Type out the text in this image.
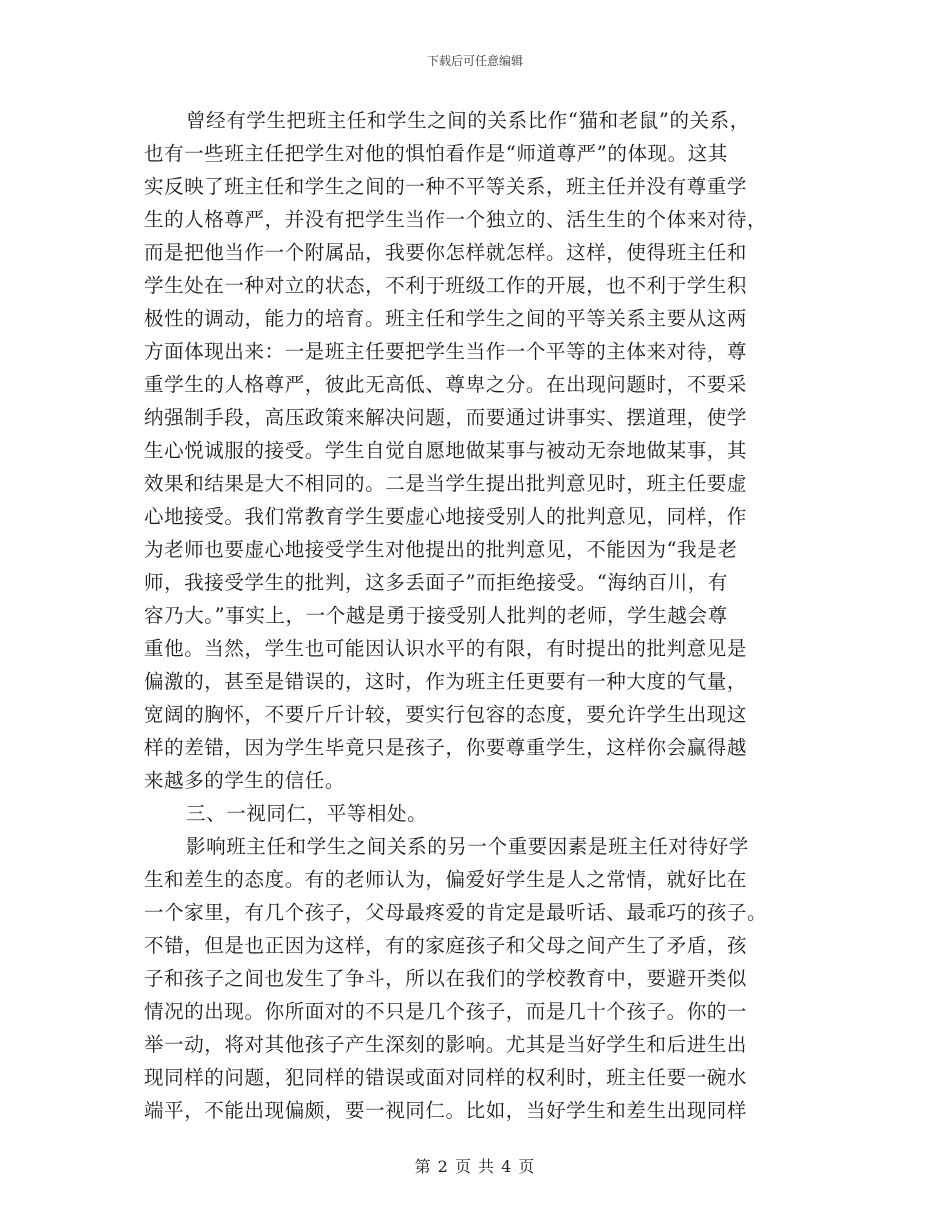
下载后可任意编辑
曾经有学生把班主任和学生之间的关系比作“猫和老鼠”的关系，
也有一些班主任把学生对他的惧怕看作是“师道尊严”的体现。这其
实反映了班主任和学生之间的一种不平等关系，班主任并没有尊重学
生的人格尊严，并没有把学生当作一个独立的、活生生的个体来对待，
而是把他当作一个附属品，我要你怎样就怎样。这样，使得班主任和
学生处在一种对立的状态，不利于班级工作的开展，也不利于学生积
极性的调动，能力的培育。班主任和学生之间的平等关系主要从这两
方面体现出来：一是班主任要把学生当作一个平等的主体来对待，尊
重学生的人格尊严，彼此无高低、尊卑之分。在出现问题时，不要采
纳强制手段，高压政策来解决问题，而要通过讲事实、摆道理，使学
生心悦诚服的接受。学生自觉自愿地做某事与被动无奈地做某事，其
效果和结果是大不相同的。二是当学生提出批判意见时，班主任要虚
心地接受。我们常教育学生要虚心地接受别人的批判意见，同样，作
为老师也要虚心地接受学生对他提出的批判意见，不能因为“我是老
师，我接受学生的批判，这多丢面子”而拒绝接受。“海纳百川，有
容乃大。”事实上，一个越是勇于接受别人批判的老师，学生越会尊
重他。当然，学生也可能因认识水平的有限，有时提出的批判意见是
偏激的，甚至是错误的，这时，作为班主任更要有一种大度的气量，
宽阔的胸怀，不要斤斤计较，要实行包容的态度，要允许学生出现这
样的差错，因为学生毕竟只是孩子，你要尊重学生，这样你会赢得越
来越多的学生的信任。
三、一视同仁，平等相处。
影响班主任和学生之间关系的另一个重要因素是班主任对待好学
生和差生的态度。有的老师认为，偏爱好学生是人之常情，就好比在
一个家里，有几个孩子，父母最疼爱的肯定是最听话、最乖巧的孩子。
不错，但是也正因为这样，有的家庭孩子和父母之间产生了矛盾，孩
子和孩子之间也发生了争斗，所以在我们的学校教育中，要避开类似
情况的出现。你所面对的不只是几个孩子，而是几十个孩子。你的一
举一动，将对其他孩子产生深刻的影响。尤其是当好学生和后进生出
现同样的问题，犯同样的错误或面对同样的权利时，班主任要一碗水
端平，不能出现偏颇，要一视同仁。比如，当好学生和差生出现同样
第 2 页 共 4 页
